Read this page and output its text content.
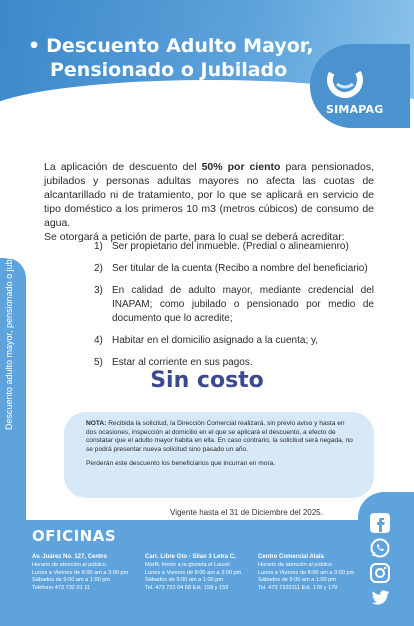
• Descuento Adulto Mayor,
Pensionado o Jubilado
SIMAPAG
Descuento adulto mayor, pensionado o jubilado

La aplicación de descuento del 50% por ciento para pensionados, jubilados y personas adultas mayores no afecta las cuotas de alcantarillado ni de tratamiento, por lo que se aplicará en servicio de tipo doméstico a los primeros 10 m3 (metros cúbicos) de consumo de agua.

Se otorgará a petición de parte, para lo cual se deberá acreditar:

1) Ser propietario del inmueble. (Predial o alineamienro)
2) Ser titular de la cuenta (Recibo a nombre del beneficiario)
3) En calidad de adulto mayor, mediante credencial del INAPAM; como jubilado o pensionado por medio de documento que lo acredite;
4) Habitar en el domicilio asignado a la cuenta; y,
5) Estar al corriente en sus pagos.
Sin costo

NOTA: Recibida la solicitud, la Dirección Comercial realizará, sin previo aviso y hasta en dos ocasiones, inspección al domicilio en el que se aplicará el descuento, a efecto de constatar que el adulto mayor habita en ella. En caso contrario, la solicitud será negada, no se podrá presentar nueva solicitud sino pasado un año.

Perderán este descuento los beneficiarios que incurran en mora.

Vigente hasta el 31 de Diciembre del 2025.
OFICINAS
Av. Juárez No. 127, Centro
Horario de atención al público
Lunes a Viernes de 8:00 am a 3:00 pm
Sábados de 9:00 am a 1:00 pm
Teléfono 473 732 01 11
Carr. Libre Gto - Silao 3 Letra C,
Marfil, frente a la glorieta el Laurel
Lunes a Viernes de 8:00 am a 3:00 pm
Sábados de 9:00 am a 1:00 pm
Tel. 473 733 04 68 Ext. 158 y 159
Centro Comercial Alaïa
Horario de atención al público
Lunes a Viernes de 8:00 am a 3:00 pm
Sábados de 9:00 am a 1:00 pm
Tel. 473 7320111 Ext. 178 y 179
